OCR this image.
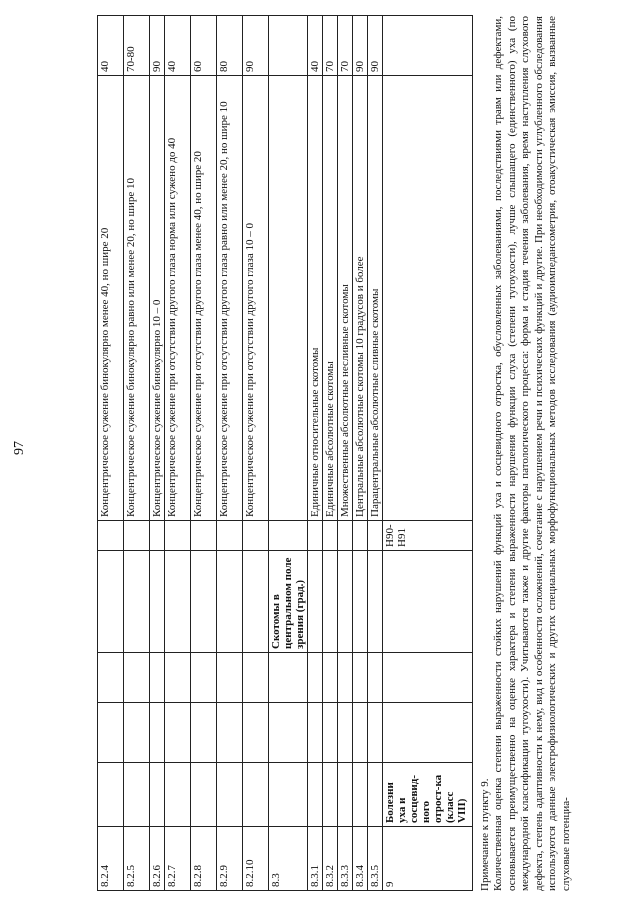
97
8.2.4						Концентрическое сужение бинокулярно менее 40, но шире 20	40
8.2.5						Концентрическое сужение бинокулярно равно или менее 20, но шире 10	70-80
8.2.6						Концентрическое сужение бинокулярно 10 – 0	90
8.2.7						Концентрическое сужение при отсутствии другого глаза норма или сужено до 40	40
8.2.8						Концентрическое сужение при отсутствии другого глаза менее 40, но шире 20	60
8.2.9						Концентрическое сужение при отсутствии другого глаза равно или менее 20, но шире 10	80
8.2.10						Концентрическое сужение при отсутствии другого глаза 10 – 0	90
8.3				Скотомы в центральном поле зрения (град.)			
8.3.1						Единичные относительные скотомы	40
8.3.2						Единичные абсолютные скотомы	70
8.3.3						Множественные абсолютные несливные скотомы	70
8.3.4						Центральные абсолютные скотомы 10 градусов и более	90
8.3.5						Парацентральные абсолютные сливные скотомы	90
9	Болезни уха и сосцевид-ного отрост-ка (класс VIII)				H90-H91		
Примечание к пункту 9. Количественная оценка степени выраженности стойких нарушений функций уха и сосцевидного отростка, обусловленных заболеваниями, последствиями травм или дефектами, основывается преимущественно на оценке характера и степени выраженности нарушения функции слуха (степени тугоухости), лучше слышащего (единственного) уха (по международной классификации тугоухости). Учитываются также и другие факторы патологического процесса: форма и стадия течения заболевания, время наступления слухового дефекта, степень адаптивности к нему, вид и особенности осложнений, сочетание с нарушением речи и психических функций и другие. При необходимости углубленного обследования используются данные электрофизиологических и других специальных морфофункциональных методов исследования (аудиоимпедансометрия, отоакустическая эмиссия, вызванные слуховые потенциа-
